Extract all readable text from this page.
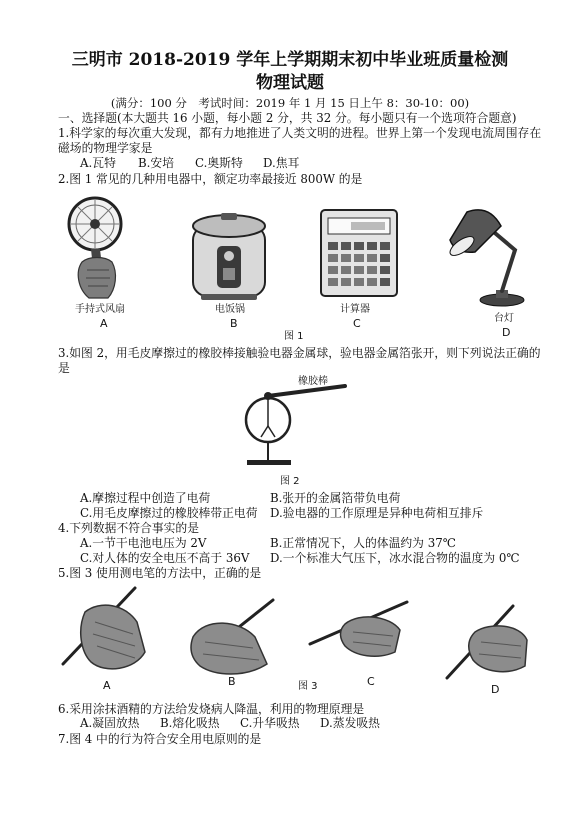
三明市 2018-2019 学年上学期期末初中毕业班质量检测
物理试题
(满分：100 分　考试时间：2019 年 1 月 15 日上午 8：30-10：00)
一、选择题(本大题共 16 小题，每小题 2 分，共 32 分。每小题只有一个选项符合题意)
1.科学家的每次重大发现，都有力地推进了人类文明的进程。世界上第一个发现电流周围存在
磁场的物理学家是
A.瓦特 B.安培 C.奥斯特 D.焦耳
2.图 1 常见的几种用电器中，额定功率最接近 800W 的是
手持式风扇
A
电饭锅
B
计算器
C	台灯
D
图 1
3.如图 2，用毛皮摩擦过的橡胶棒接触验电器金属球，验电器金属箔张开，则下列说法正确的
是
橡胶棒
图 2
A.摩擦过程中创造了电荷	B.张开的金属箔带负电荷
C.用毛皮摩擦过的橡胶棒带正电荷 D.验电器的工作原理是异种电荷相互排斥
4.下列数据不符合事实的是
A.一节干电池电压为 2V	B.正常情况下，人的体温约为 37℃
C.对人体的安全电压不高于 36V D.一个标准大气压下，冰水混合物的温度为 0℃
5.图 3 使用测电笔的方法中，正确的是
A	B	图 3	C
D
6.采用涂抹酒精的方法给发烧病人降温，利用的物理原理是
A.凝固放热 B.熔化吸热 C.升华吸热 D.蒸发吸热
7.图 4 中的行为符合安全用电原则的是
